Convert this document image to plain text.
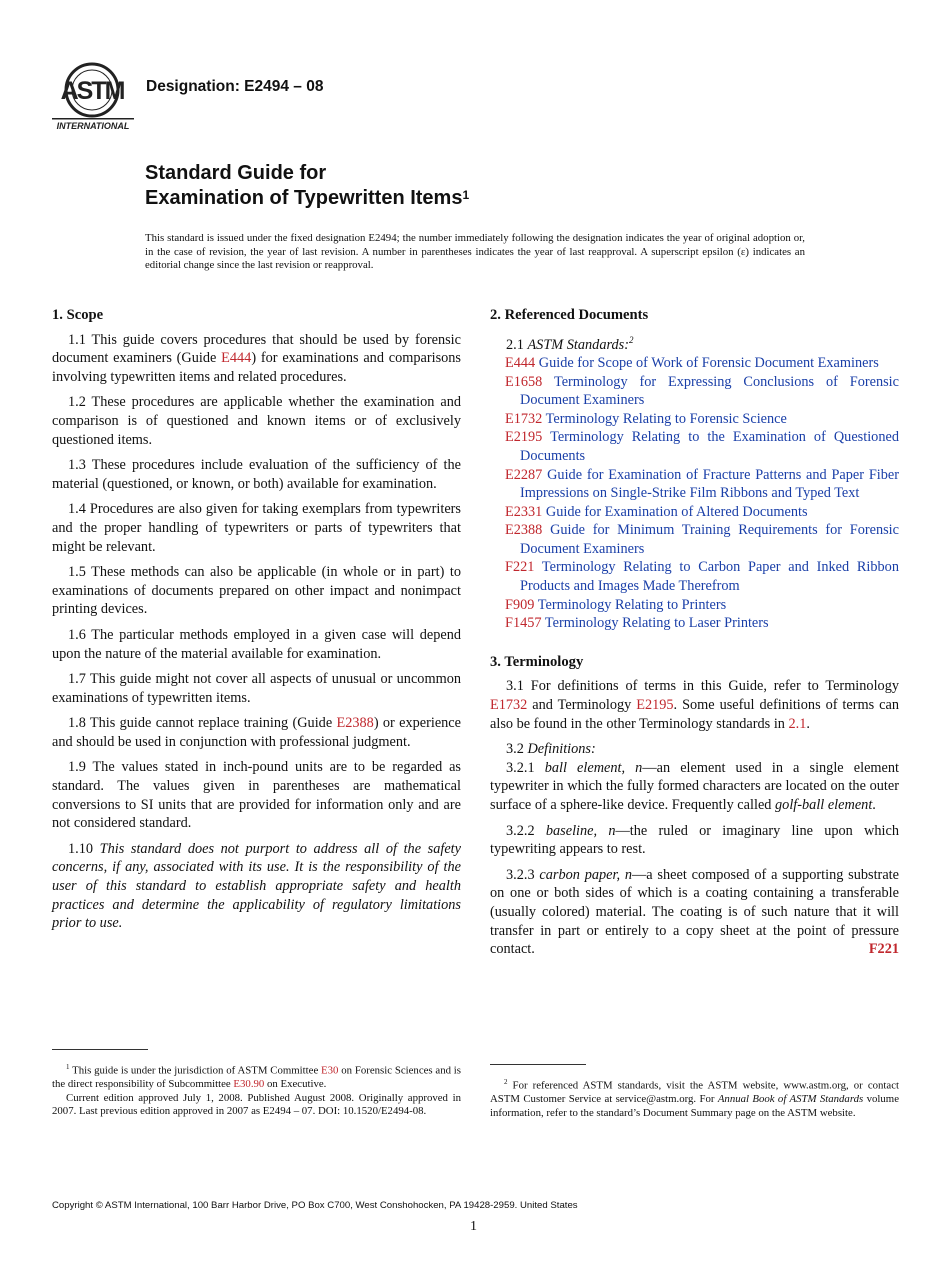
ASTM
INTERNATIONAL
Designation: E2494 – 08
Standard Guide for
Examination of Typewritten Items$^1$
This standard is issued under the fixed designation E2494; the number immediately following the designation indicates the year of original adoption or, in the case of revision, the year of last revision. A number in parentheses indicates the year of last reapproval. A superscript epsilon (ε) indicates an editorial change since the last revision or reapproval.
1. Scope
1.1 This guide covers procedures that should be used by forensic document examiners (Guide E444) for examinations and comparisons involving typewritten items and related procedures.
1.2 These procedures are applicable whether the examination and comparison is of questioned and known items or of exclusively questioned items.
1.3 These procedures include evaluation of the sufficiency of the material (questioned, or known, or both) available for examination.
1.4 Procedures are also given for taking exemplars from typewriters and the proper handling of typewriters or parts of typewriters that might be relevant.
1.5 These methods can also be applicable (in whole or in part) to examinations of documents prepared on other impact and nonimpact printing devices.
1.6 The particular methods employed in a given case will depend upon the nature of the material available for examination.
1.7 This guide might not cover all aspects of unusual or uncommon examinations of typewritten items.
1.8 This guide cannot replace training (Guide E2388) or experience and should be used in conjunction with professional judgment.
1.9 The values stated in inch-pound units are to be regarded as standard. The values given in parentheses are mathematical conversions to SI units that are provided for information only and are not considered standard.
1.10 This standard does not purport to address all of the safety concerns, if any, associated with its use. It is the responsibility of the user of this standard to establish appropriate safety and health practices and determine the applicability of regulatory limitations prior to use.
2. Referenced Documents
2.1 ASTM Standards:$^2$
E444 Guide for Scope of Work of Forensic Document Examiners
E1658 Terminology for Expressing Conclusions of Forensic Document Examiners
E1732 Terminology Relating to Forensic Science
E2195 Terminology Relating to the Examination of Questioned Documents
E2287 Guide for Examination of Fracture Patterns and Paper Fiber Impressions on Single-Strike Film Ribbons and Typed Text
E2331 Guide for Examination of Altered Documents
E2388 Guide for Minimum Training Requirements for Forensic Document Examiners
F221 Terminology Relating to Carbon Paper and Inked Ribbon Products and Images Made Therefrom
F909 Terminology Relating to Printers
F1457 Terminology Relating to Laser Printers
3. Terminology
3.1 For definitions of terms in this Guide, refer to Terminology E1732 and Terminology E2195. Some useful definitions of terms can also be found in the other Terminology standards in 2.1.
3.2 Definitions:
3.2.1 ball element, n—an element used in a single element typewriter in which the fully formed characters are located on the outer surface of a sphere-like device. Frequently called golf-ball element.
3.2.2 baseline, n—the ruled or imaginary line upon which typewriting appears to rest.
3.2.3 carbon paper, n—a sheet composed of a supporting substrate on one or both sides of which is a coating containing a transferable (usually colored) material. The coating is of such nature that it will transfer in part or entirely to a copy sheet at the point of pressure contact.	F221
$^1$ This guide is under the jurisdiction of ASTM Committee E30 on Forensic Sciences and is the direct responsibility of Subcommittee E30.90 on Executive.
Current edition approved July 1, 2008. Published August 2008. Originally approved in 2007. Last previous edition approved in 2007 as E2494 – 07. DOI: 10.1520/E2494-08.
$^2$ For referenced ASTM standards, visit the ASTM website, www.astm.org, or contact ASTM Customer Service at service@astm.org. For Annual Book of ASTM Standards volume information, refer to the standard’s Document Summary page on the ASTM website.
Copyright © ASTM International, 100 Barr Harbor Drive, PO Box C700, West Conshohocken, PA 19428-2959. United States
1
